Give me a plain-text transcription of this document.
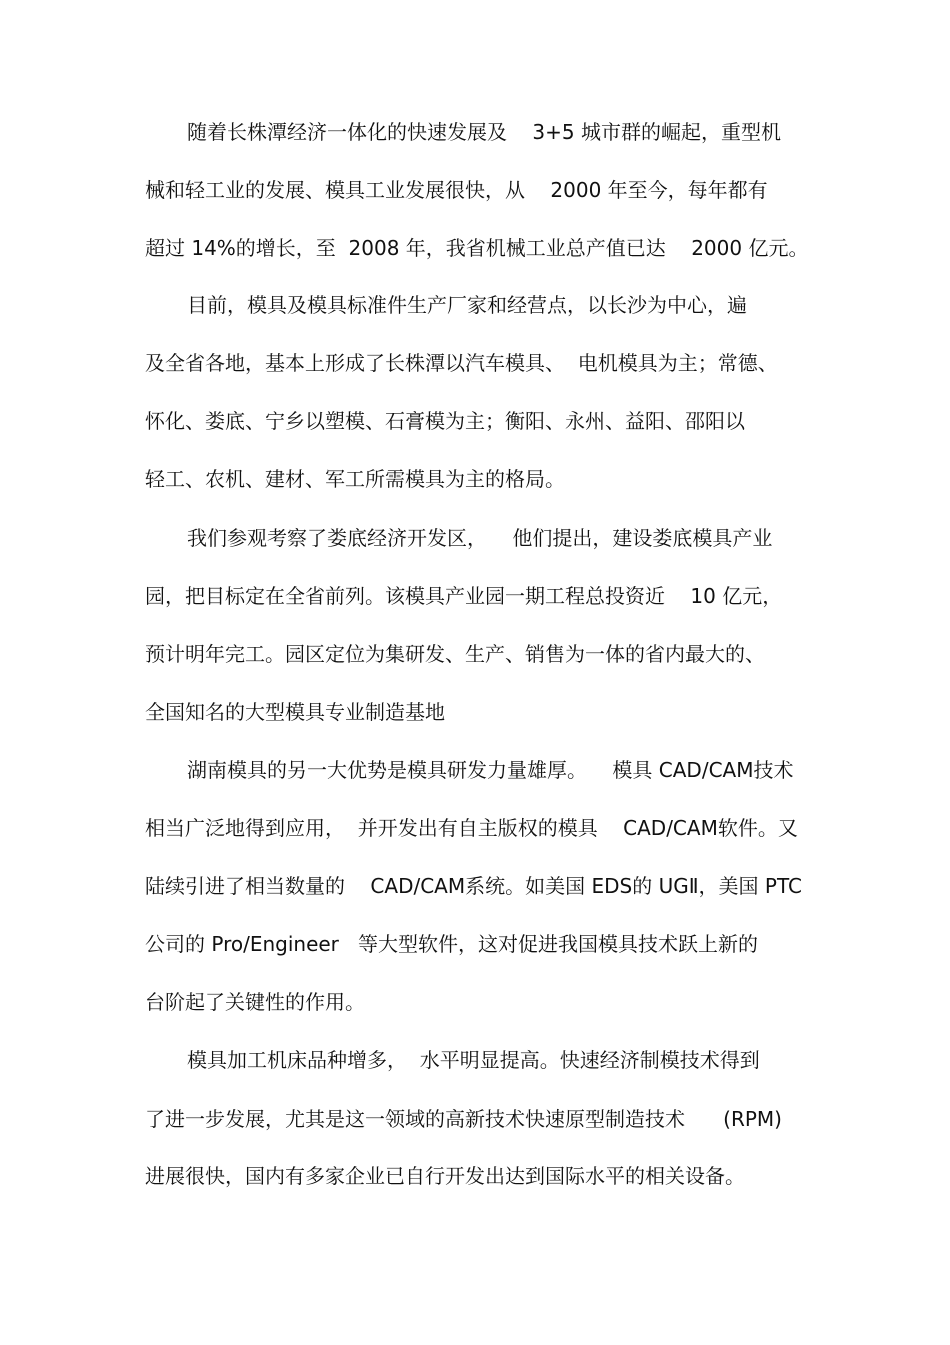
随着长株潭经济一体化的快速发展及    3+5 城市群的崛起，重型机
械和轻工业的发展、模具工业发展很快，从    2000 年至今，每年都有
超过 14%的增长，至  2008 年，我省机械工业总产值已达    2000 亿元。
目前，模具及模具标准件生产厂家和经营点，以长沙为中心，遍
及全省各地，基本上形成了长株潭以汽车模具、  电机模具为主；常德、
怀化、娄底、宁乡以塑模、石膏模为主；衡阳、永州、益阳、邵阳以
轻工、农机、建材、军工所需模具为主的格局。
我们参观考察了娄底经济开发区，    他们提出，建设娄底模具产业
园，把目标定在全省前列。该模具产业园一期工程总投资近    10 亿元，
预计明年完工。园区定位为集研发、生产、销售为一体的省内最大的、
全国知名的大型模具专业制造基地
湖南模具的另一大优势是模具研发力量雄厚。    模具 CAD/CAM技术
相当广泛地得到应用，  并开发出有自主版权的模具    CAD/CAM软件。又
陆续引进了相当数量的    CAD/CAM系统。如美国 EDS的 UGⅡ，美国 PTC
公司的 Pro/Engineer   等大型软件，这对促进我国模具技术跃上新的
台阶起了关键性的作用。
模具加工机床品种增多，  水平明显提高。快速经济制模技术得到
了进一步发展，尤其是这一领域的高新技术快速原型制造技术      (RPM)
进展很快，国内有多家企业已自行开发出达到国际水平的相关设备。
